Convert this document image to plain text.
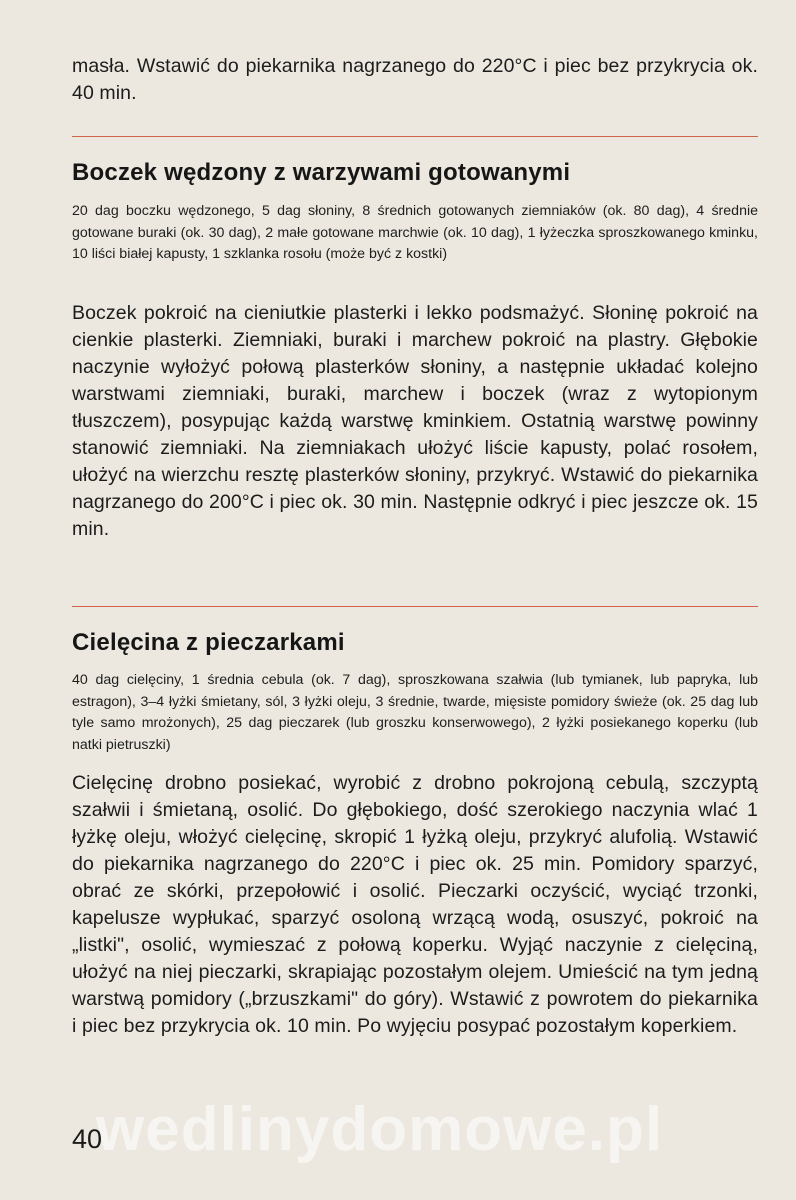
masła. Wstawić do piekarnika nagrzanego do 220°C i piec bez przykrycia ok. 40 min.

Boczek wędzony z warzywami gotowanymi

20 dag boczku wędzonego, 5 dag słoniny, 8 średnich gotowanych ziemniaków (ok. 80 dag), 4 średnie gotowane buraki (ok. 30 dag), 2 małe gotowane marchwie (ok. 10 dag), 1 łyżeczka sproszkowanego kminku, 10 liści białej kapusty, 1 szklanka rosołu (może być z kostki)

Boczek pokroić na cieniutkie plasterki i lekko podsmażyć. Słoninę pokroić na cienkie plasterki. Ziemniaki, buraki i marchew pokroić na plastry. Głębokie naczynie wyłożyć połową plasterków słoniny, a następnie układać kolejno warstwami ziemniaki, buraki, marchew i boczek (wraz z wytopionym tłuszczem), posypując każdą warstwę kminkiem. Ostatnią warstwę powinny stanowić ziemniaki. Na ziemniakach ułożyć liście kapusty, polać rosołem, ułożyć na wierzchu resztę plasterków słoniny, przykryć. Wstawić do piekarnika nagrzanego do 200°C i piec ok. 30 min. Następnie odkryć i piec jeszcze ok. 15 min.

Cielęcina z pieczarkami

40 dag cielęciny, 1 średnia cebula (ok. 7 dag), sproszkowana szałwia (lub tymianek, lub papryka, lub estragon), 3–4 łyżki śmietany, sól, 3 łyżki oleju, 3 średnie, twarde, mięsiste pomidory świeże (ok. 25 dag lub tyle samo mrożonych), 25 dag pieczarek (lub groszku konserwowego), 2 łyżki posiekanego koperku (lub natki pietruszki)

Cielęcinę drobno posiekać, wyrobić z drobno pokrojoną cebulą, szczyptą szałwii i śmietaną, osolić. Do głębokiego, dość szerokiego naczynia wlać 1 łyżkę oleju, włożyć cielęcinę, skropić 1 łyżką oleju, przykryć alufolią. Wstawić do piekarnika nagrzanego do 220°C i piec ok. 25 min. Pomidory sparzyć, obrać ze skórki, przepołowić i osolić. Pieczarki oczyścić, wyciąć trzonki, kapelusze wypłukać, sparzyć osoloną wrzącą wodą, osuszyć, pokroić na „listki", osolić, wymieszać z połową koperku. Wyjąć naczynie z cielęciną, ułożyć na niej pieczarki, skrapiając pozostałym olejem. Umieścić na tym jedną warstwą pomidory („brzuszkami" do góry). Wstawić z powrotem do piekarnika i piec bez przykrycia ok. 10 min. Po wyjęciu posypać pozostałym koperkiem.

40
wedlinydomowe.pl
